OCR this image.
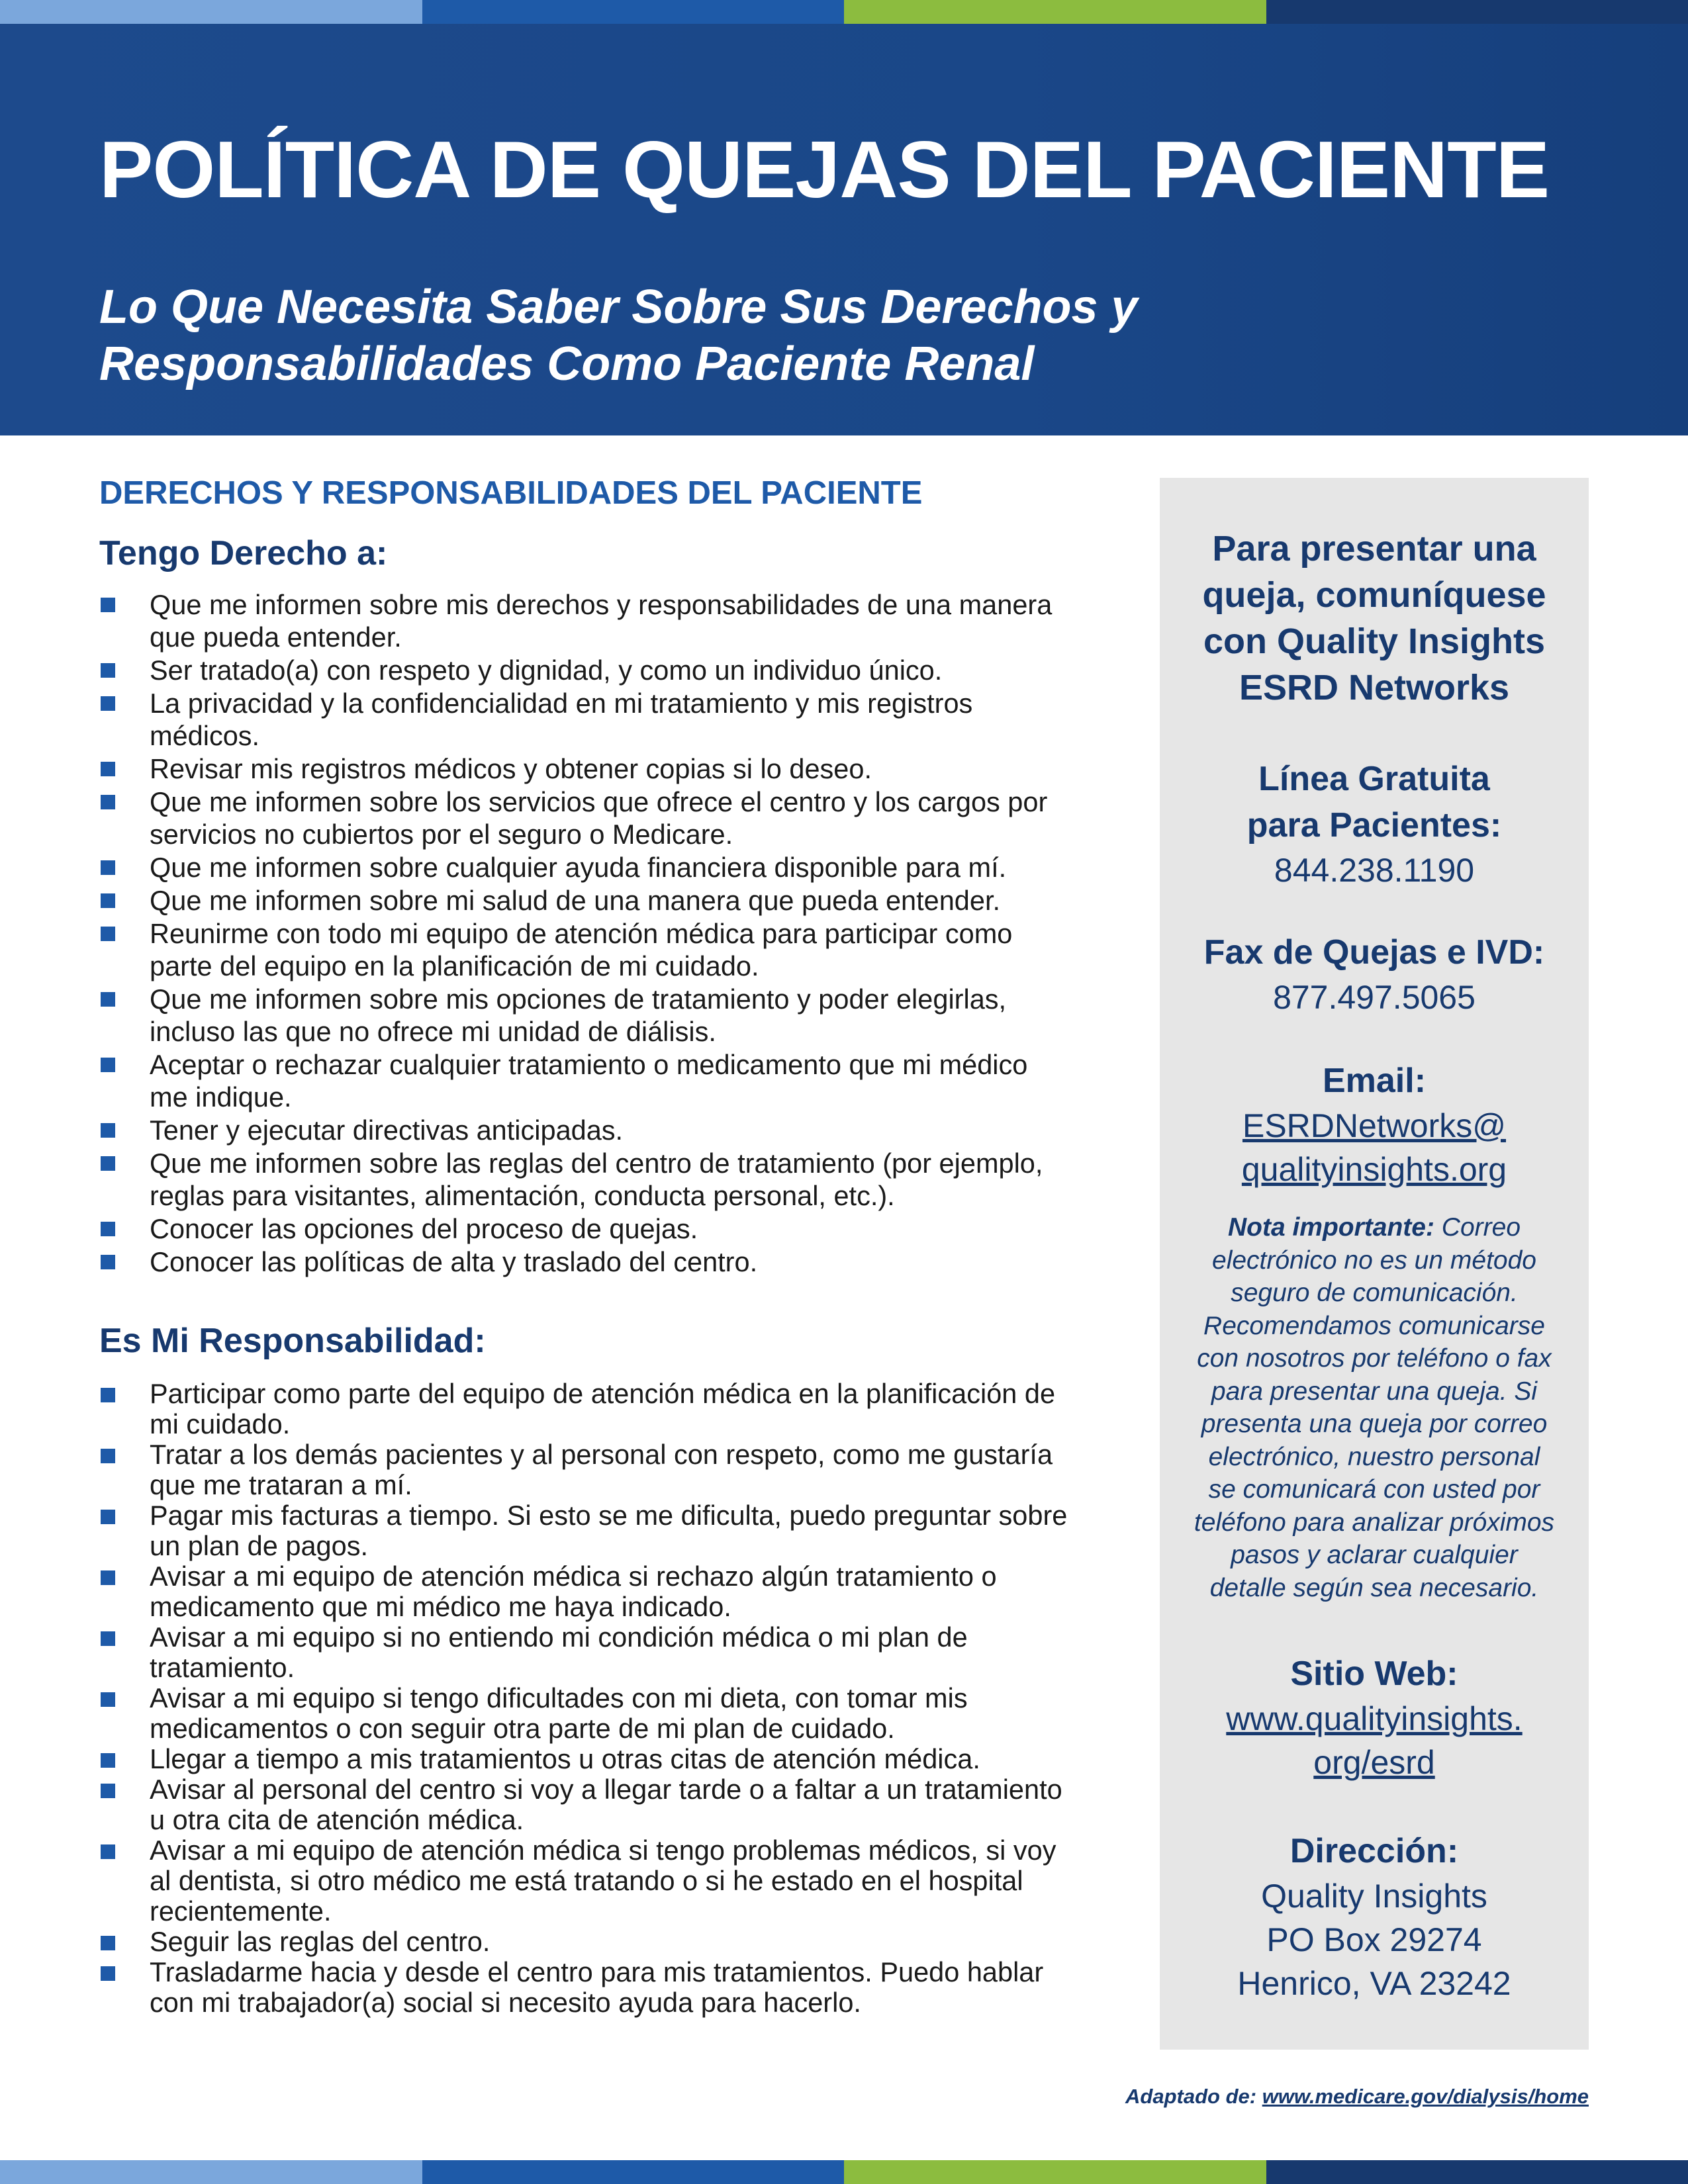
POLÍTICA DE QUEJAS DEL PACIENTE
Lo Que Necesita Saber Sobre Sus Derechos y
Responsabilidades Como Paciente Renal
DERECHOS Y RESPONSABILIDADES DEL PACIENTE
Tengo Derecho a:
Que me informen sobre mis derechos y responsabilidades de una manera
que pueda entender.
Ser tratado(a) con respeto y dignidad, y como un individuo único.
La privacidad y la confidencialidad en mi tratamiento y mis registros
médicos.
Revisar mis registros médicos y obtener copias si lo deseo.
Que me informen sobre los servicios que ofrece el centro y los cargos por
servicios no cubiertos por el seguro o Medicare.
Que me informen sobre cualquier ayuda financiera disponible para mí.
Que me informen sobre mi salud de una manera que pueda entender.
Reunirme con todo mi equipo de atención médica para participar como
parte del equipo en la planificación de mi cuidado.
Que me informen sobre mis opciones de tratamiento y poder elegirlas,
incluso las que no ofrece mi unidad de diálisis.
Aceptar o rechazar cualquier tratamiento o medicamento que mi médico
me indique.
Tener y ejecutar directivas anticipadas.
Que me informen sobre las reglas del centro de tratamiento (por ejemplo,
reglas para visitantes, alimentación, conducta personal, etc.).
Conocer las opciones del proceso de quejas.
Conocer las políticas de alta y traslado del centro.
Es Mi Responsabilidad:
Participar como parte del equipo de atención médica en la planificación de
mi cuidado.
Tratar a los demás pacientes y al personal con respeto, como me gustaría
que me trataran a mí.
Pagar mis facturas a tiempo. Si esto se me dificulta, puedo preguntar sobre
un plan de pagos.
Avisar a mi equipo de atención médica si rechazo algún tratamiento o
medicamento que mi médico me haya indicado.
Avisar a mi equipo si no entiendo mi condición médica o mi plan de
tratamiento.
Avisar a mi equipo si tengo dificultades con mi dieta, con tomar mis
medicamentos o con seguir otra parte de mi plan de cuidado.
Llegar a tiempo a mis tratamientos u otras citas de atención médica.
Avisar al personal del centro si voy a llegar tarde o a faltar a un tratamiento
u otra cita de atención médica.
Avisar a mi equipo de atención médica si tengo problemas médicos, si voy
al dentista, si otro médico me está tratando o si he estado en el hospital
recientemente.
Seguir las reglas del centro.
Trasladarme hacia y desde el centro para mis tratamientos. Puedo hablar
con mi trabajador(a) social si necesito ayuda para hacerlo.

Para presentar una

queja, comuníquese

con Quality Insights

ESRD Networks

Línea Gratuita

para Pacientes:

844.238.1190

Fax de Quejas e IVD:

877.497.5065

Email:

ESRDNetworks@

qualityinsights.org

Nota importante: Correo

electrónico no es un método

seguro de comunicación.

Recomendamos comunicarse

con nosotros por teléfono o fax

para presentar una queja. Si

presenta una queja por correo

electrónico, nuestro personal

se comunicará con usted por

teléfono para analizar próximos

pasos y aclarar cualquier

detalle según sea necesario.

Sitio Web:

www.qualityinsights.

org/esrd

Dirección:

Quality Insights

PO Box 29274

Henrico, VA 23242

Adaptado de: www.medicare.gov/dialysis/home
